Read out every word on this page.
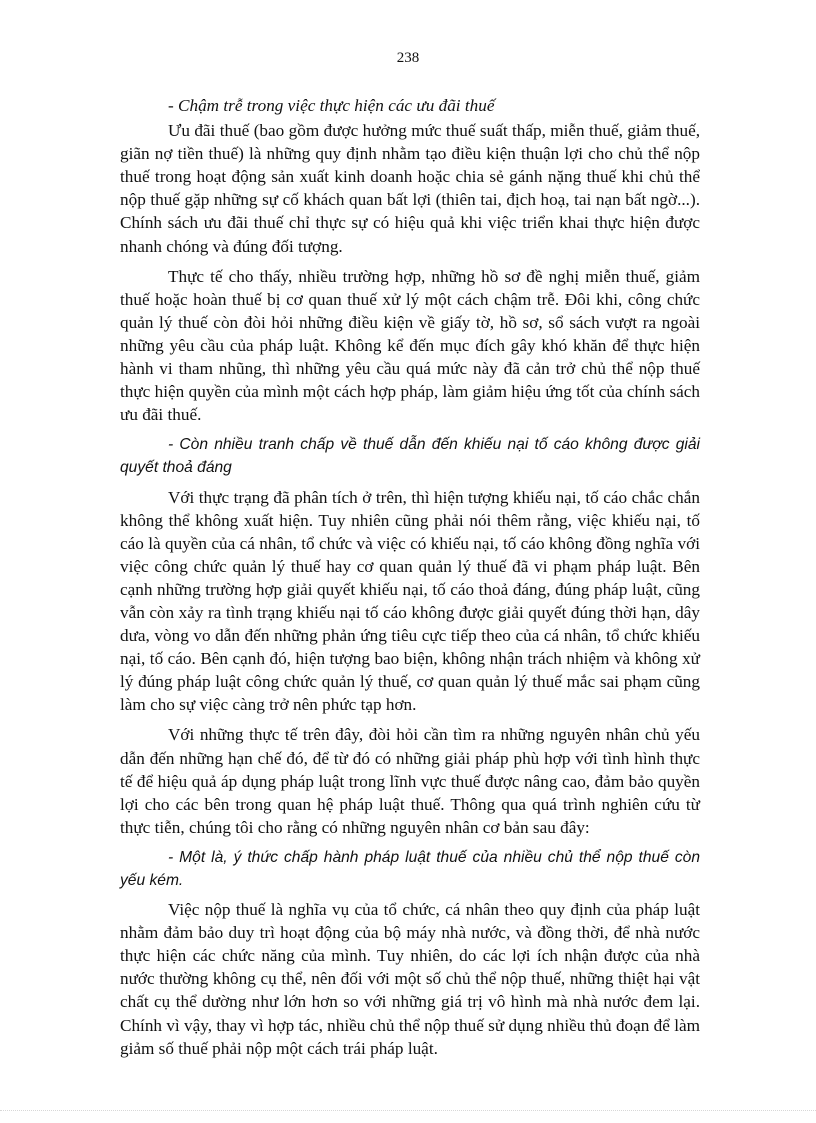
238

- Chậm trễ trong việc thực hiện các ưu đãi thuế

Ưu đãi thuế (bao gồm được hưởng mức thuế suất thấp, miễn thuế, giảm thuế, giãn nợ tiền thuế) là những quy định nhằm tạo điều kiện thuận lợi cho chủ thể nộp thuế trong hoạt động sản xuất kinh doanh hoặc chia sẻ gánh nặng thuế khi chủ thể nộp thuế gặp những sự cố khách quan bất lợi (thiên tai, địch hoạ, tai nạn bất ngờ...). Chính sách ưu đãi thuế chỉ thực sự có hiệu quả khi việc triển khai thực hiện được nhanh chóng và đúng đối tượng.

Thực tế cho thấy, nhiều trường hợp, những hồ sơ đề nghị miễn thuế, giảm thuế hoặc hoàn thuế bị cơ quan thuế xử lý một cách chậm trễ. Đôi khi, công chức quản lý thuế còn đòi hỏi những điều kiện về giấy tờ, hồ sơ, sổ sách vượt ra ngoài những yêu cầu của pháp luật. Không kể đến mục đích gây khó khăn để thực hiện hành vi tham nhũng, thì những yêu cầu quá mức này đã cản trở chủ thể nộp thuế thực hiện quyền của mình một cách hợp pháp, làm giảm hiệu ứng tốt của chính sách ưu đãi thuế.

- Còn nhiều tranh chấp về thuế dẫn đến khiếu nại tố cáo không được giải quyết thoả đáng

Với thực trạng đã phân tích ở trên, thì hiện tượng khiếu nại, tố cáo chắc chắn không thể không xuất hiện. Tuy nhiên cũng phải nói thêm rằng, việc khiếu nại, tố cáo là quyền của cá nhân, tổ chức và việc có khiếu nại, tố cáo không đồng nghĩa với việc công chức quản lý thuế hay cơ quan quản lý thuế đã vi phạm pháp luật. Bên cạnh những trường hợp giải quyết khiếu nại, tố cáo thoả đáng, đúng pháp luật, cũng vẫn còn xảy ra tình trạng khiếu nại tố cáo không được giải quyết đúng thời hạn, dây dưa, vòng vo dẫn đến những phản ứng tiêu cực tiếp theo của cá nhân, tổ chức khiếu nại, tố cáo. Bên cạnh đó, hiện tượng bao biện, không nhận trách nhiệm và không xử lý đúng pháp luật công chức quản lý thuế, cơ quan quản lý thuế mắc sai phạm cũng làm cho sự việc càng trở nên phức tạp hơn.

Với những thực tế trên đây, đòi hỏi cần tìm ra những nguyên nhân chủ yếu dẫn đến những hạn chế đó, để từ đó có những giải pháp phù hợp với tình hình thực tế để hiệu quả áp dụng pháp luật trong lĩnh vực thuế được nâng cao, đảm bảo quyền lợi cho các bên trong quan hệ pháp luật thuế. Thông qua quá trình nghiên cứu từ thực tiễn, chúng tôi cho rằng có những nguyên nhân cơ bản sau đây:

- Một là, ý thức chấp hành pháp luật thuế của nhiều chủ thể nộp thuế còn yếu kém.

Việc nộp thuế là nghĩa vụ của tổ chức, cá nhân theo quy định của pháp luật nhằm đảm bảo duy trì hoạt động của bộ máy nhà nước, và đồng thời, để nhà nước thực hiện các chức năng của mình. Tuy nhiên, do các lợi ích nhận được của nhà nước thường không cụ thể, nên đối với một số chủ thể nộp thuế, những thiệt hại vật chất cụ thể dường như lớn hơn so với những giá trị vô hình mà nhà nước đem lại. Chính vì vậy, thay vì hợp tác, nhiều chủ thể nộp thuế sử dụng nhiều thủ đoạn để làm giảm số thuế phải nộp một cách trái pháp luật.
